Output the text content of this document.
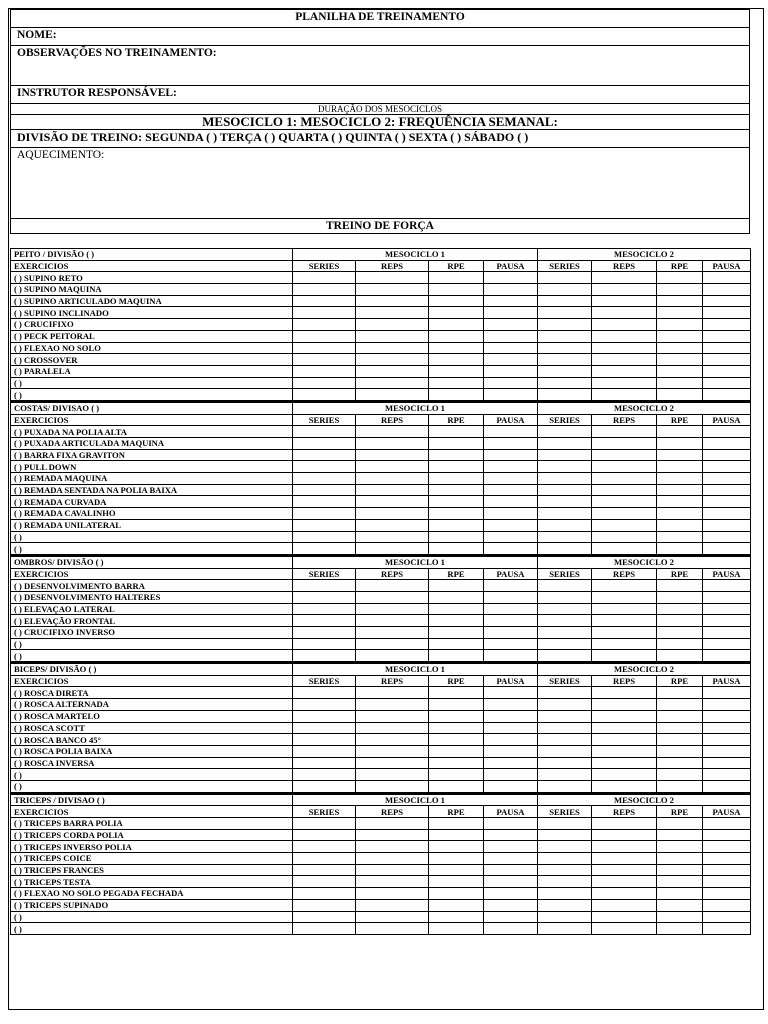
PLANILHA DE TREINAMENTO
NOME:
OBSERVAÇÕES NO TREINAMENTO:
INSTRUTOR RESPONSÁVEL:
DURAÇÃO DOS MESOCICLOS
MESOCICLO 1: MESOCICLO 2: FREQUÊNCIA SEMANAL:
DIVISÃO DE TREINO: SEGUNDA ( ) TERÇA ( ) QUARTA ( ) QUINTA ( ) SEXTA ( ) SÁBADO ( )
AQUECIMENTO:
TREINO DE FORÇA
PEITO / DIVISÃO ( )	MESOCICLO 1				MESOCICLO 2			
EXERCICIOS	SERIES	REPS	RPE	PAUSA	SERIES	REPS	RPE	PAUSA
( ) SUPINO RETO								
( ) SUPINO MAQUINA								
( ) SUPINO ARTICULADO MAQUINA								
( ) SUPINO INCLINADO								
( ) CRUCIFIXO								
( ) PECK PEITORAL								
( ) FLEXAO NO SOLO								
( ) CROSSOVER								
( ) PARALELA								
( )								
( )								
COSTAS/ DIVISAO ( )	MESOCICLO 1				MESOCICLO 2			
EXERCICIOS	SERIES	REPS	RPE	PAUSA	SERIES	REPS	RPE	PAUSA
( ) PUXADA NA POLIA ALTA								
( ) PUXADA ARTICULADA MAQUINA								
( ) BARRA FIXA GRAVITON								
( ) PULL DOWN								
( ) REMADA MAQUINA								
( ) REMADA SENTADA NA POLIA BAIXA								
( ) REMADA CURVADA								
( ) REMADA CAVALINHO								
( ) REMADA UNILATERAL								
( )								
( )								
OMBROS/ DIVISÃO ( )	MESOCICLO 1				MESOCICLO 2			
EXERCICIOS	SERIES	REPS	RPE	PAUSA	SERIES	REPS	RPE	PAUSA
( ) DESENVOLVIMENTO BARRA								
( ) DESENVOLVIMENTO HALTERES								
( ) ELEVAÇAO LATERAL								
( ) ELEVAÇÃO FRONTAL								
( ) CRUCIFIXO INVERSO								
( )								
( )								
BICEPS/ DIVISÃO ( )	MESOCICLO 1				MESOCICLO 2			
EXERCICIOS	SERIES	REPS	RPE	PAUSA	SERIES	REPS	RPE	PAUSA
( ) ROSCA DIRETA								
( ) ROSCA ALTERNADA								
( ) ROSCA MARTELO								
( ) ROSCA SCOTT								
( ) ROSCA BANCO 45°								
( ) ROSCA POLIA BAIXA								
( ) ROSCA INVERSA								
( )								
( )								
TRICEPS / DIVISAO ( )	MESOCICLO 1				MESOCICLO 2			
EXERCICIOS	SERIES	REPS	RPE	PAUSA	SERIES	REPS	RPE	PAUSA
( ) TRICEPS BARRA POLIA								
( ) TRICEPS CORDA POLIA								
( ) TRICEPS INVERSO POLIA								
( ) TRICEPS COICE								
( ) TRICEPS FRANCES								
( ) TRICEPS TESTA								
( ) FLEXAO NO SOLO PEGADA FECHADA								
( ) TRICEPS SUPINADO								
( )								
( )								
